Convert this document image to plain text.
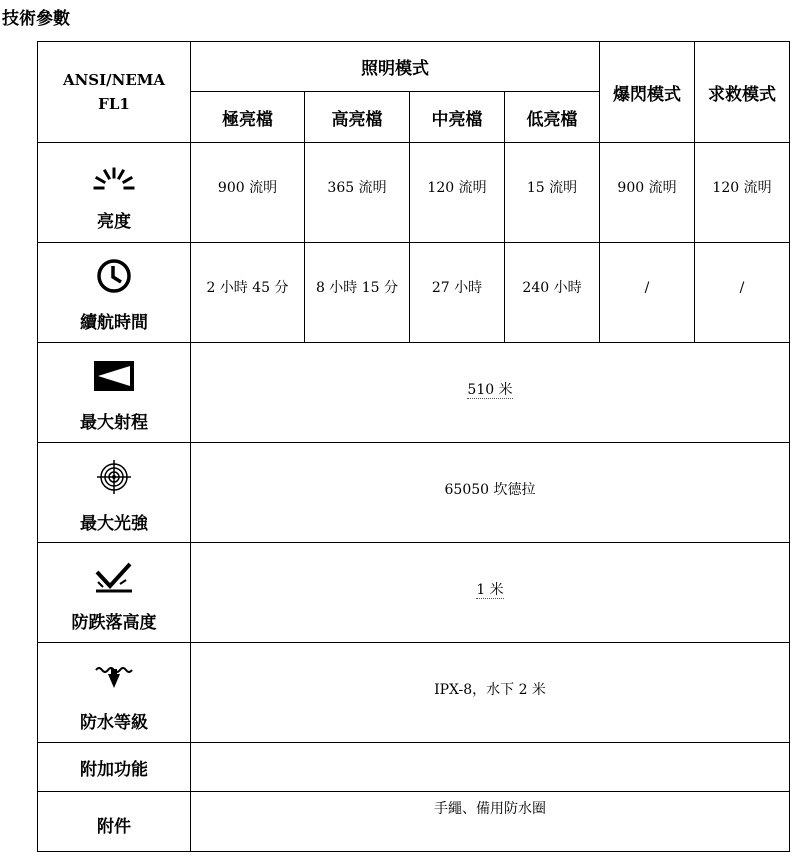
技術參數
ANSI/NEMA
FL1	照明模式				爆閃模式	求救模式
	極亮檔	高亮檔	中亮檔	低亮檔		

亮度	900 流明	365 流明	120 流明	15 流明	900 流明	120 流明

續航時間	2 小時 45 分	8 小時 15 分	27 小時	240 小時	/	/

最大射程	510 米					

最大光強	65050 坎德拉					

防跌落高度	1 米					

防水等級	IPX-8，水下 2 米					
附加功能						
附件	手繩、備用防水圈					
